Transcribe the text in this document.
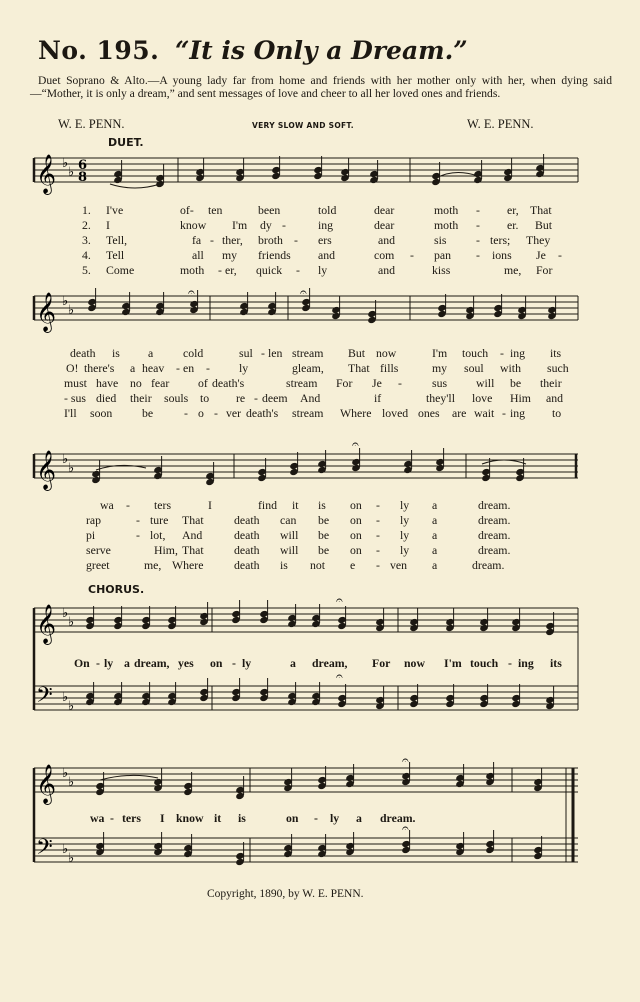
No. 195. “It is Only a Dream.”
Duet Soprano & Alto.—A young lady far from home and friends with her mother only with her, when dying said—“Mother, it is only a dream,” and sent messages of love and cheer to all her loved ones and friends.
W. E. PENN.	VERY SLOW AND SOFT.	W. E. PENN.
DUET.
CHORUS.
𝄞 ♭
♭ 6
8
𝄞 ♭
♭
𝄐	𝄐
𝄞 ♭
♭
𝄐
𝄞
𝄢
♭
♭
♭
♭
𝄐
𝄐
𝄞
𝄢
♭
♭
♭
♭
𝄐
𝄐
Copyright, 1890, by W. E. PENN.
1. I've	of- ten	been	told	dear	moth - er, That
2. I	know I'm dy -	ing	dear	moth - er. But
3. Tell,	fa - ther, broth - ers	and	sis	- ters; They
4. Tell	all my friends and	com - pan - ions Je -
5. Come	moth - er, quick - ly	and	kiss	me, For
death is a	cold	sul - len stream But now	I'm touch - ing its
O! there's a heav - en - ly	gleam, That fills	my soul with such
must have no fear of death's	stream For Je -	sus will be their
- sus died their souls to re - deem And	if	they'll love Him and
I'll soon	be	- o - ver death's stream Where loved ones are wait - ing to
wa - ters	I	find it is on - ly a	dream.
rap	- ture That	death can be on - ly a	dream.
pi	- lot, And	death will be on - ly a	dream.
serve	Him, That	death will be on - ly a	dream.
greet	me, Where	death is not e - ven a	dream.
On - ly a dream, yes on - ly	a dream, For now I'm touch - ing its
wa - ters I know it is	on - ly a dream.
